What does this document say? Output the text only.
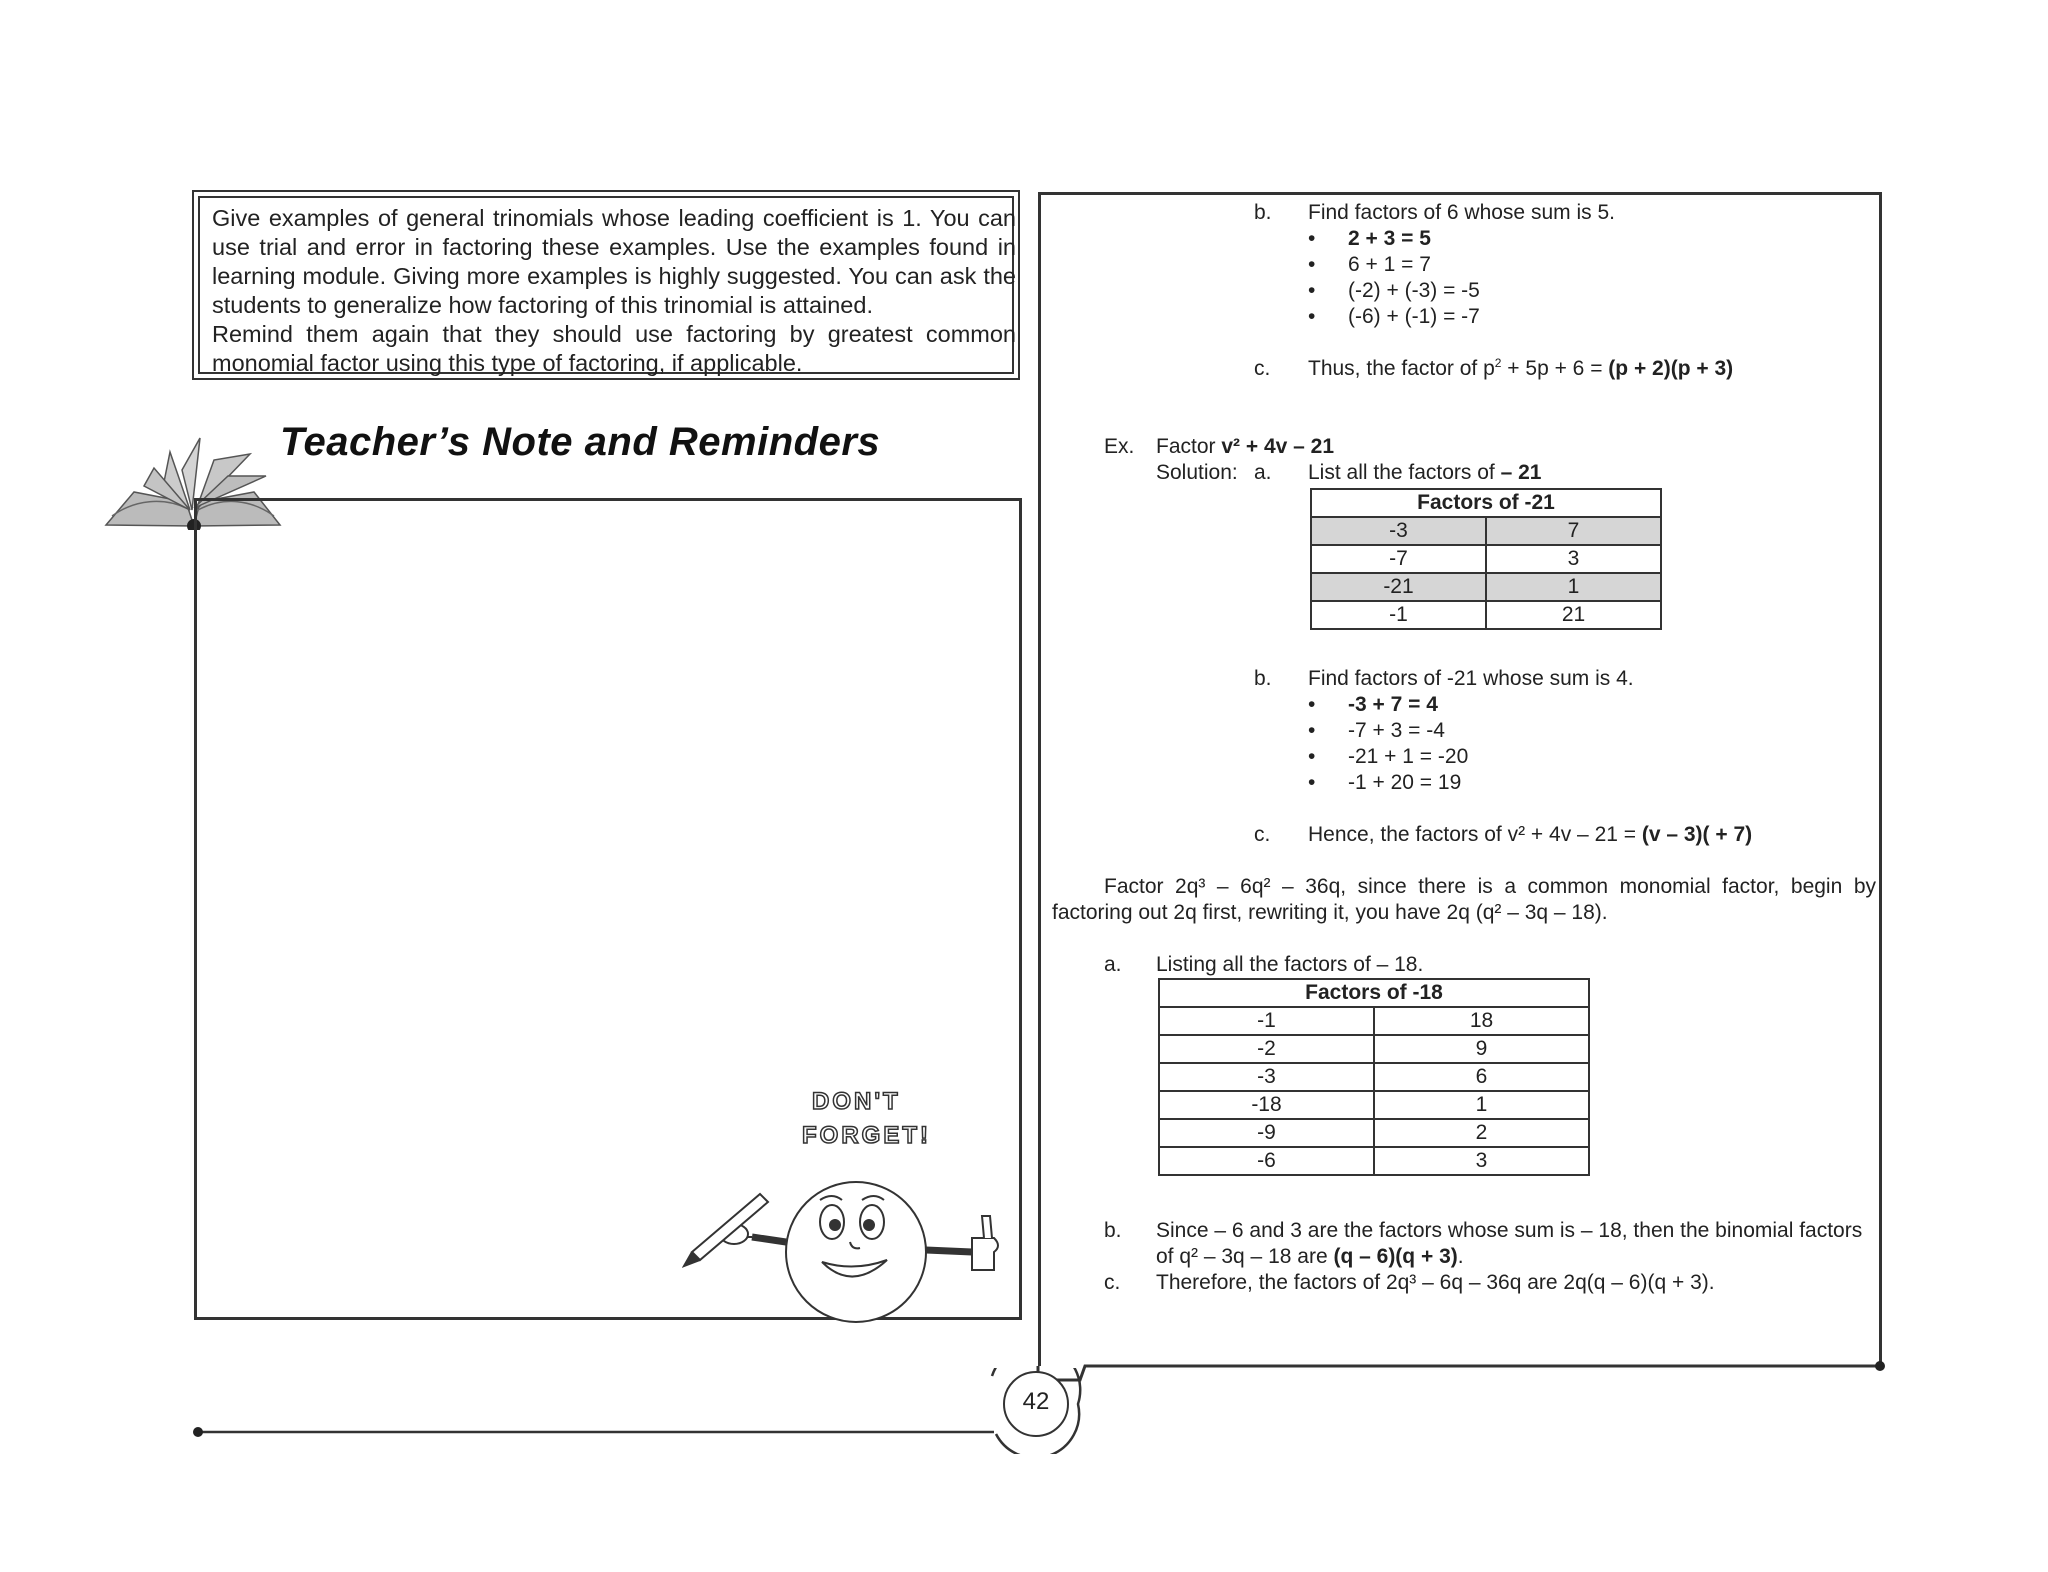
Give examples of general trinomials whose leading coefficient is 1. You can use trial and error in factoring these examples. Use the examples found in learning module. Giving more examples is highly suggested. You can ask the students to generalize how factoring of this trinomial is attained.

Remind them again that they should use factoring by greatest common monomial factor using this type of factoring, if applicable.

Teacher’s Note and Reminders
DON'T
FORGET!
42
b. Find factors of 6 whose sum is 5.
• 2 + 3 = 5
• 6 + 1 = 7
• (-2) + (-3) = -5
• (-6) + (-1) = -7
c. Thus, the factor of $p^2 + 5p + 6 = (p + 2)(p + 3)$
Ex. Factor v² + 4v – 21
Solution: a. List all the factors of – 21
Factors of -21	
-3	7
-7	3
-21	1
-1	21
b. Find factors of -21 whose sum is 4.
• -3 + 7 = 4
• -7 + 3 = -4
• -21 + 1 = -20
• -1 + 20 = 19
c. Hence, the factors of v² + 4v – 21 = (v – 3)( + 7)
Factor 2q³ – 6q² – 36q, since there is a common monomial factor, begin by
factoring out 2q first, rewriting it, you have 2q (q² – 3q – 18).
a. Listing all the factors of – 18.
Factors of -18	
-1	18
-2	9
-3	6
-18	1
-9	2
-6	3
b. Since – 6 and 3 are the factors whose sum is – 18, then the binomial factors
of q² – 3q – 18 are (q – 6)(q + 3).
c. Therefore, the factors of 2q³ – 6q – 36q are 2q(q – 6)(q + 3).
